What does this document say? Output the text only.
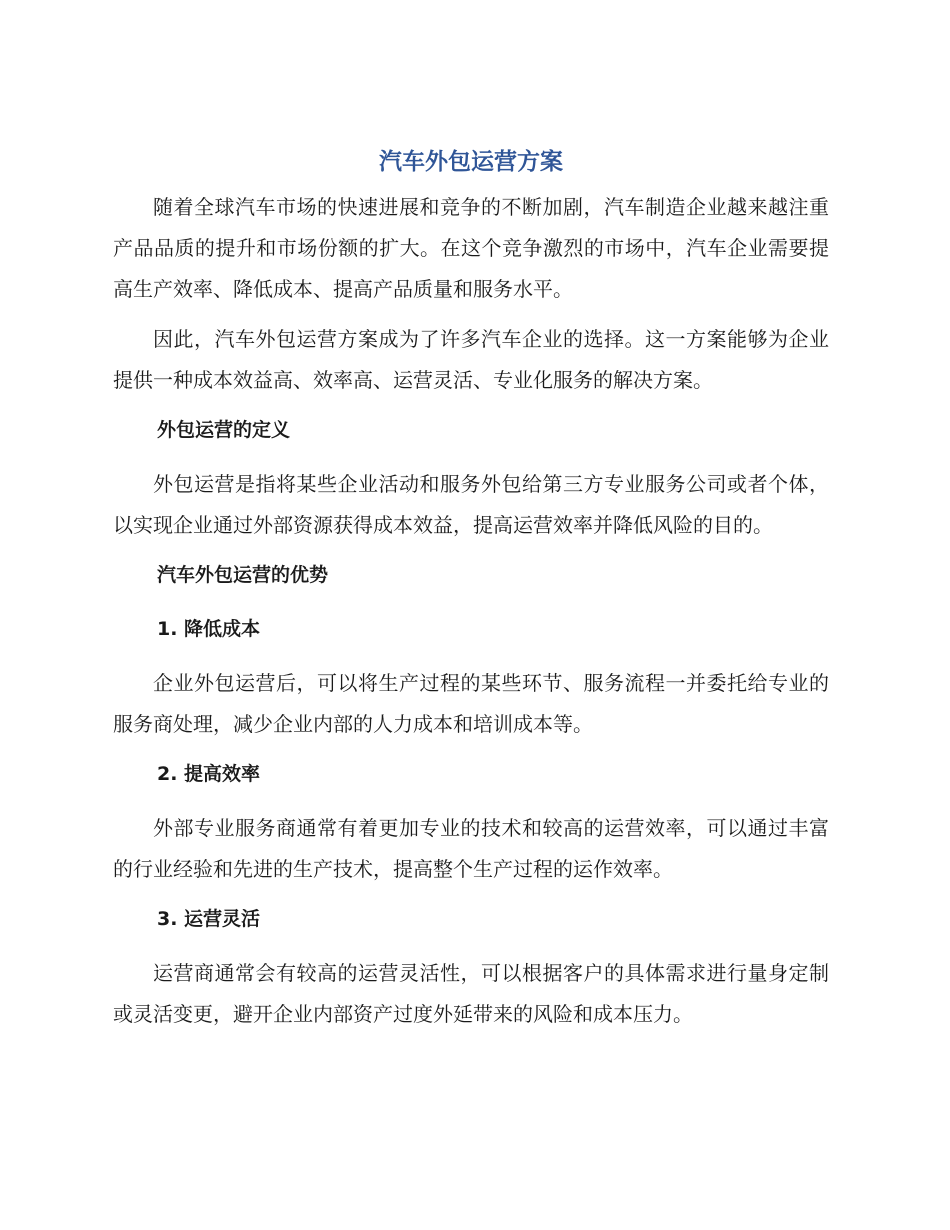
汽车外包运营方案

随着全球汽车市场的快速进展和竞争的不断加剧，汽车制造企业越来越注重产品品质的提升和市场份额的扩大。在这个竞争激烈的市场中，汽车企业需要提高生产效率、降低成本、提高产品质量和服务水平。

因此，汽车外包运营方案成为了许多汽车企业的选择。这一方案能够为企业提供一种成本效益高、效率高、运营灵活、专业化服务的解决方案。

外包运营的定义

外包运营是指将某些企业活动和服务外包给第三方专业服务公司或者个体，以实现企业通过外部资源获得成本效益，提高运营效率并降低风险的目的。

汽车外包运营的优势
1. 降低成本

企业外包运营后，可以将生产过程的某些环节、服务流程一并委托给专业的服务商处理，减少企业内部的人力成本和培训成本等。

2. 提高效率

外部专业服务商通常有着更加专业的技术和较高的运营效率，可以通过丰富的行业经验和先进的生产技术，提高整个生产过程的运作效率。

3. 运营灵活

运营商通常会有较高的运营灵活性，可以根据客户的具体需求进行量身定制或灵活变更，避开企业内部资产过度外延带来的风险和成本压力。
